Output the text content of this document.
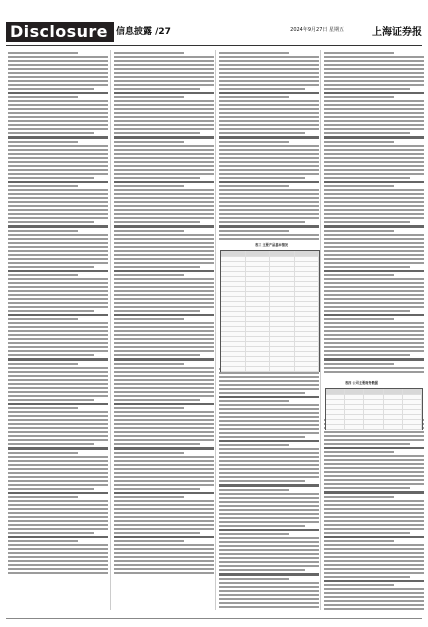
Disclosure 信息披露 /27	2024年9月27日 星期五	上海证券报
表三 主要产品基本情况
表四 公司主要财务数据
